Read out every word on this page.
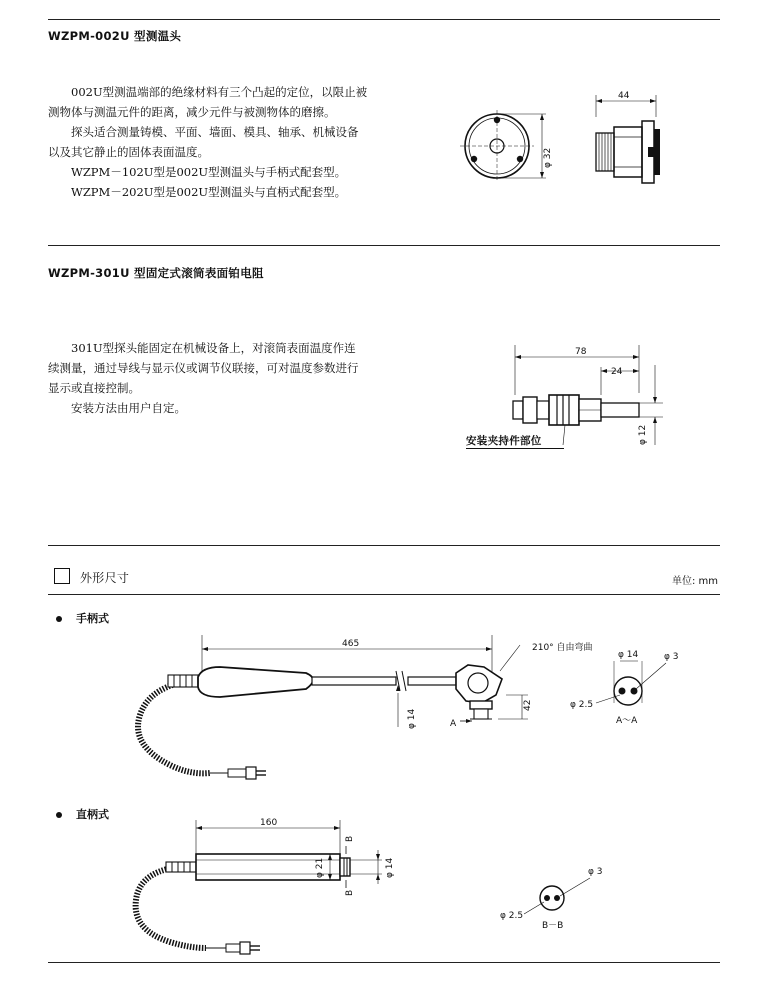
WZPM-002U 型测温头

002U型测温端部的绝缘材料有三个凸起的定位，以限止被测物体与测温元件的距离，减少元件与被测物体的磨擦。

探头适合测量铸模、平面、墙面、模具、轴承、机械设备以及其它静止的固体表面温度。

WZPM－102U型是002U型测温头与手柄式配套型。

WZPM－202U型是002U型测温头与直柄式配套型。

φ 32
44
WZPM-301U 型固定式滚筒表面铂电阻

301U型探头能固定在机械设备上，对滚筒表面温度作连续测量，通过导线与显示仪或调节仪联接，可对温度参数进行显示或直接控制。

安装方法由用户自定。

78
24
φ 12
安装夹持件部位
外形尺寸	单位: mm
手柄式
465
φ 14
42
A
210° 自由弯曲
φ 14	φ 3
φ 2.5
A～A
直柄式
160
B
φ 21	φ 14
B
φ 3
φ 2.5
B－B
